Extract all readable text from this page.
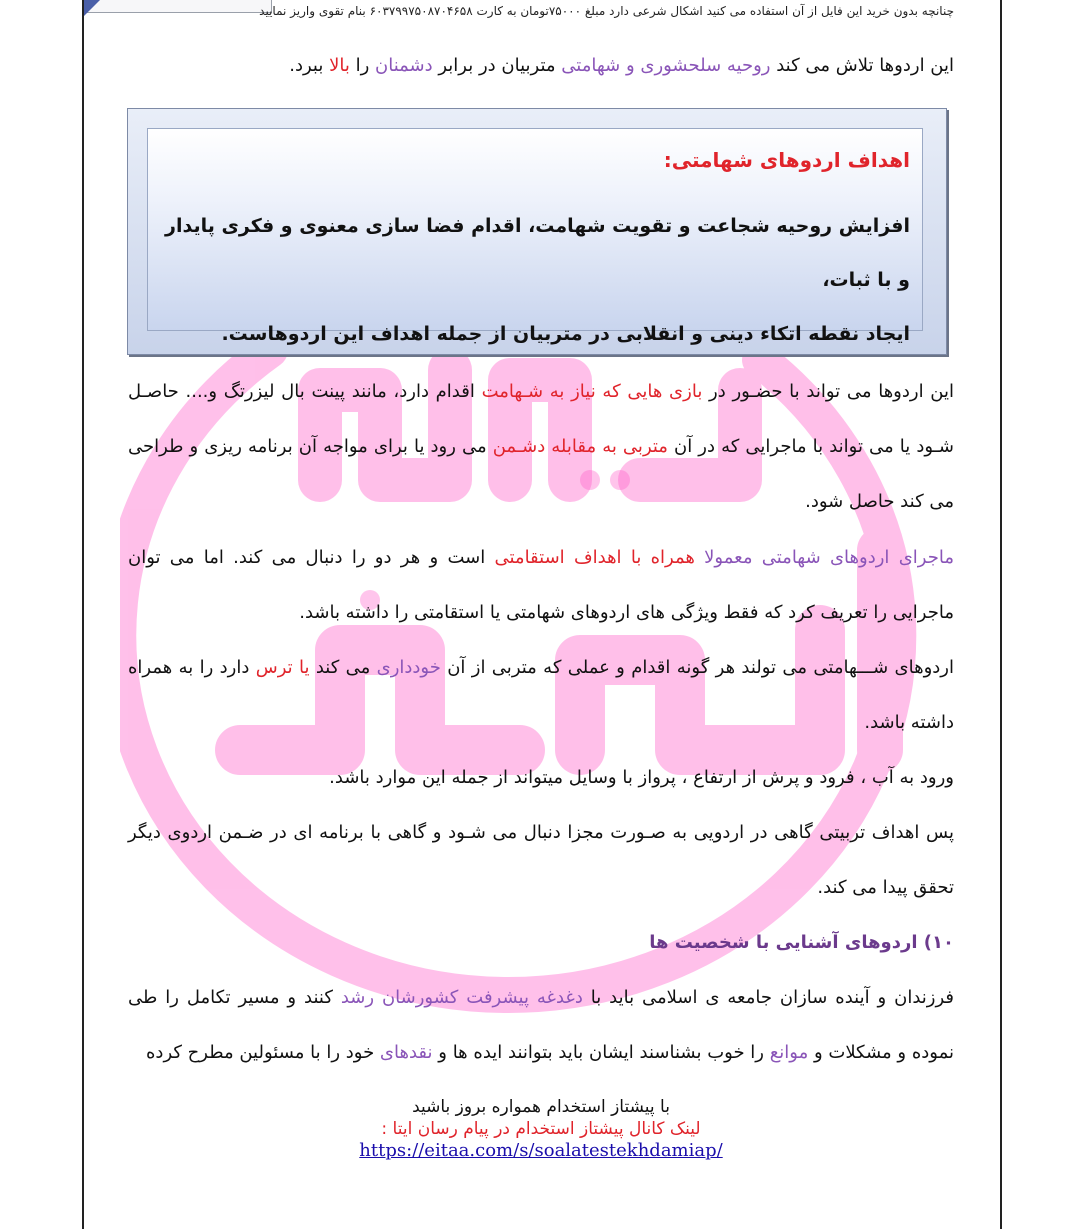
چنانچه بدون خرید این فایل از آن استفاده می کنید اشکال شرعی دارد مبلغ ۷۵۰۰۰تومان به کارت ۶۰۳۷۹۹۷۵۰۸۷۰۴۶۵۸ بنام تقوی واریز نمایید

این اردوها تلاش می کند روحیه سلحشوری و شهامتی متربیان در برابر دشمنان را بالا ببرد.

اهداف اردوهای شهامتی:

افزایش روحیه شجاعت و تقویت شهامت، اقدام فضا سازی معنوی و فکری پایدار و با ثبات،

ایجاد نقطه اتکاء دینی و انقلابی در متربیان از جمله اهداف این اردوهاست.

این اردوها می تواند با حضـور در بازی هایی که نیاز به شـهامت اقدام دارد، مانند پینت بال لیزرتگ و.... حاصـل شـود یا می تواند با ماجرایی که در آن متربی به مقابله دشـمن می رود یا برای مواجه آن برنامه ریزی و طراحی می کند حاصل شود.

ماجرای اردوهای شهامتی معمولا همراه با اهداف استقامتی است و هر دو را دنبال می کند. اما می توان ماجرایی را تعریف کرد که فقط ویژگی های اردوهای شهامتی یا استقامتی را داشته باشد.

اردوهای شـــهامتی می تولند هر گونه اقدام و عملی که متربی از آن خودداری می کند یا ترس دارد را به همراه داشته باشد.

ورود به آب ، فرود و پرش از ارتفاع ، پرواز با وسایل میتواند از جمله این موارد باشد.

پس اهداف تربیتی گاهی در اردویی به صـورت مجزا دنبال می شـود و گاهی با برنامه ای در ضـمن اردوی دیگر تحقق پیدا می کند.

۱۰) اردوهای آشنایی با شخصیت ها

فرزندان و آینده سازان جامعه ی اسلامی باید با دغدغه پیشرفت کشورشان رشد کنند و مسیر تکامل را طی نموده و مشکلات و موانع را خوب بشناسند ایشان باید بتوانند ایده ها و نقدهای خود را با مسئولین مطرح کرده

با پیشتاز استخدام همواره بروز باشید
لینک کانال پیشتاز استخدام در پیام رسان ایتا :
https://eitaa.com/s/soalatestekhdamiap/
